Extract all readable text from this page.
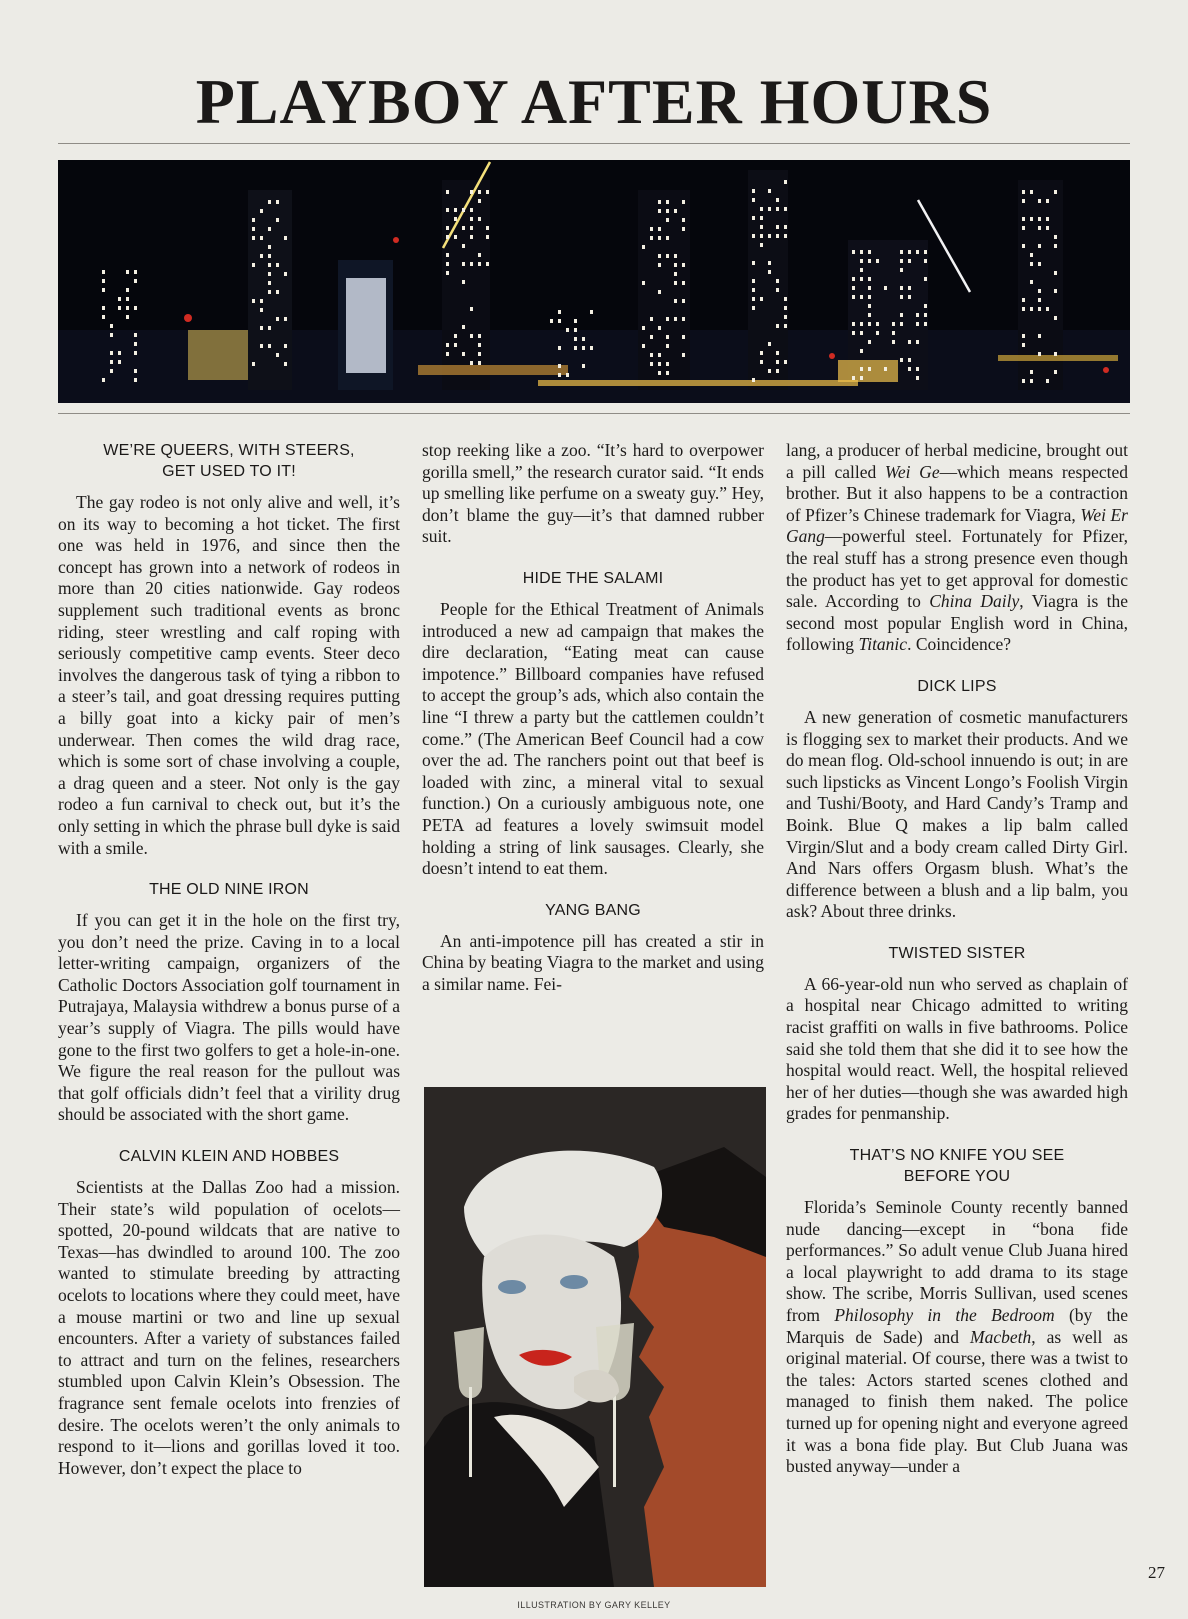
PLAYBOY AFTER HOURS
WE’RE QUEERS, WITH STEERS,
GET USED TO IT!

The gay rodeo is not only alive and well, it’s on its way to becoming a hot ticket. The first one was held in 1976, and since then the concept has grown into a network of rodeos in more than 20 cities nationwide. Gay rodeos supplement such traditional events as bronc riding, steer wrestling and calf roping with seriously competitive camp events. Steer deco involves the dangerous task of tying a ribbon to a steer’s tail, and goat dressing requires putting a billy goat into a kicky pair of men’s underwear. Then comes the wild drag race, which is some sort of chase involving a couple, a drag queen and a steer. Not only is the gay rodeo a fun carnival to check out, but it’s the only setting in which the phrase bull dyke is said with a smile.

THE OLD NINE IRON

If you can get it in the hole on the first try, you don’t need the prize. Caving in to a local letter-writing campaign, organizers of the Catholic Doctors Association golf tournament in Putrajaya, Malaysia withdrew a bonus purse of a year’s supply of Viagra. The pills would have gone to the first two golfers to get a hole-in-one. We figure the real reason for the pullout was that golf officials didn’t feel that a virility drug should be associated with the short game.

CALVIN KLEIN AND HOBBES

Scientists at the Dallas Zoo had a mission. Their state’s wild population of ocelots—spotted, 20-pound wildcats that are native to Texas—has dwindled to around 100. The zoo wanted to stimulate breeding by attracting ocelots to locations where they could meet, have a mouse martini or two and line up sexual encounters. After a variety of substances failed to attract and turn on the felines, researchers stumbled upon Calvin Klein’s Obsession. The fragrance sent female ocelots into frenzies of desire. The ocelots weren’t the only animals to respond to it—lions and gorillas loved it too. However, don’t expect the place to

stop reeking like a zoo. “It’s hard to overpower gorilla smell,” the research curator said. “It ends up smelling like perfume on a sweaty guy.” Hey, don’t blame the guy—it’s that damned rubber suit.

HIDE THE SALAMI

People for the Ethical Treatment of Animals introduced a new ad campaign that makes the dire declaration, “Eating meat can cause impotence.” Billboard companies have refused to accept the group’s ads, which also contain the line “I threw a party but the cattlemen couldn’t come.” (The American Beef Council had a cow over the ad. The ranchers point out that beef is loaded with zinc, a mineral vital to sexual function.) On a curiously ambiguous note, one PETA ad features a lovely swimsuit model holding a string of link sausages. Clearly, she doesn’t intend to eat them.

YANG BANG

An anti-impotence pill has created a stir in China by beating Viagra to the market and using a similar name. Fei-

lang, a producer of herbal medicine, brought out a pill called Wei Ge—which means respected brother. But it also happens to be a contraction of Pfizer’s Chinese trademark for Viagra, Wei Er Gang—powerful steel. Fortunately for Pfizer, the real stuff has a strong presence even though the product has yet to get approval for domestic sale. According to China Daily, Viagra is the second most popular English word in China, following Titanic. Coincidence?

DICK LIPS

A new generation of cosmetic manufacturers is flogging sex to market their products. And we do mean flog. Old-school innuendo is out; in are such lipsticks as Vincent Longo’s Foolish Virgin and Tushi/Booty, and Hard Candy’s Tramp and Boink. Blue Q makes a lip balm called Virgin/Slut and a body cream called Dirty Girl. And Nars offers Orgasm blush. What’s the difference between a blush and a lip balm, you ask? About three drinks.

TWISTED SISTER

A 66-year-old nun who served as chaplain of a hospital near Chicago admitted to writing racist graffiti on walls in five bathrooms. Police said she told them that she did it to see how the hospital would react. Well, the hospital relieved her of her duties—though she was awarded high grades for penmanship.

THAT’S NO KNIFE YOU SEE
BEFORE YOU

Florida’s Seminole County recently banned nude dancing—except in “bona fide performances.” So adult venue Club Juana hired a local playwright to add drama to its stage show. The scribe, Morris Sullivan, used scenes from Philosophy in the Bedroom (by the Marquis de Sade) and Macbeth, as well as original material. Of course, there was a twist to the tales: Actors started scenes clothed and managed to finish them naked. The police turned up for opening night and everyone agreed it was a bona fide play. But Club Juana was busted anyway—under a

27
ILLUSTRATION BY GARY KELLEY
